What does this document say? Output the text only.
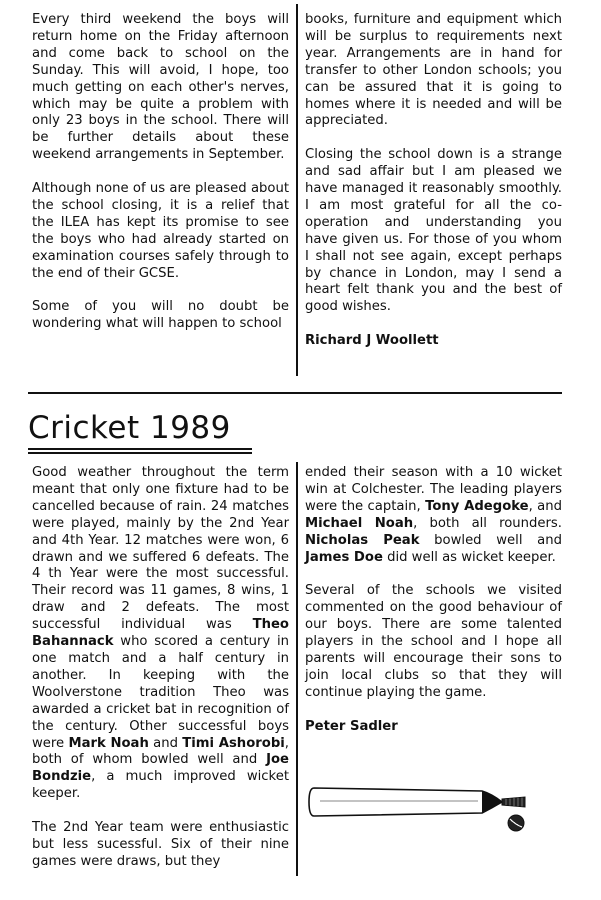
Every third weekend the boys will return home on the Friday afternoon and come back to school on the Sunday. This will avoid, I hope, too much getting on each other's nerves, which may be quite a problem with only 23 boys in the school. There will be further details about these weekend arrangements in September.

Although none of us are pleased about the school closing, it is a relief that the ILEA has kept its promise to see the boys who had already started on examination courses safely through to the end of their GCSE.

Some of you will no doubt be wondering what will happen to school

books, furniture and equipment which will be surplus to requirements next year. Arrangements are in hand for transfer to other London schools; you can be assured that it is going to homes where it is needed and will be appreciated.

Closing the school down is a strange and sad affair but I am pleased we have managed it reasonably smoothly. I am most grateful for all the co-operation and understanding you have given us. For those of you whom I shall not see again, except perhaps by chance in London, may I send a heart felt thank you and the best of good wishes.

Richard J Woollett
Cricket 1989

Good weather throughout the term meant that only one fixture had to be cancelled because of rain. 24 matches were played, mainly by the 2nd Year and 4th Year. 12 matches were won, 6 drawn and we suffered 6 defeats. The 4 th Year were the most successful. Their record was 11 games, 8 wins, 1 draw and 2 defeats. The most successful individual was Theo Bahannack who scored a century in one match and a half century in another. In keeping with the Woolverstone tradition Theo was awarded a cricket bat in recognition of the century. Other successful boys were Mark Noah and Timi Ashorobi, both of whom bowled well and Joe Bondzie, a much improved wicket keeper.

The 2nd Year team were enthusiastic but less sucessful. Six of their nine games were draws, but they

ended their season with a 10 wicket win at Colchester. The leading players were the captain, Tony Adegoke, and Michael Noah, both all rounders. Nicholas Peak bowled well and James Doe did well as wicket keeper.

Several of the schools we visited commented on the good behaviour of our boys. There are some talented players in the school and I hope all parents will encourage their sons to join local clubs so that they will continue playing the game.

Peter Sadler
